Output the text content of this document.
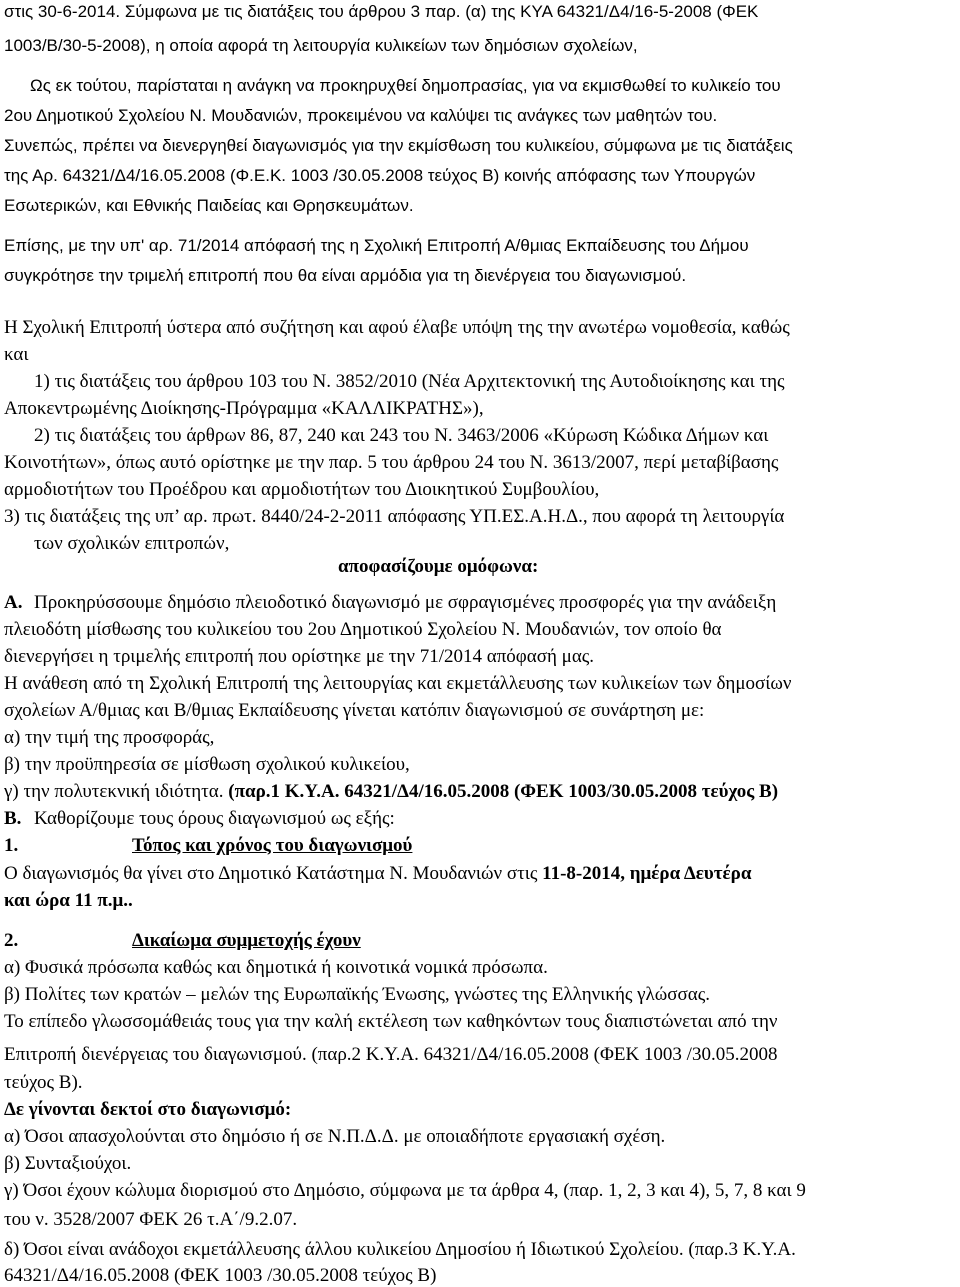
στις 30-6-2014. Σύμφωνα με τις διατάξεις του άρθρου 3 παρ. (α) της ΚΥΑ 64321/Δ4/16-5-2008 (ΦΕΚ
1003/Β/30-5-2008), η οποία αφορά τη λειτουργία κυλικείων των δημόσιων σχολείων,
Ως εκ τούτου, παρίσταται η ανάγκη να προκηρυχθεί δημοπρασίας, για να εκμισθωθεί το κυλικείο του
2ου Δημοτικού Σχολείου Ν. Μουδανιών, προκειμένου να καλύψει τις ανάγκες των μαθητών του.
Συνεπώς, πρέπει να διενεργηθεί διαγωνισμός για την εκμίσθωση του κυλικείου, σύμφωνα με τις διατάξεις
της Αρ. 64321/Δ4/16.05.2008 (Φ.Ε.Κ. 1003 /30.05.2008 τεύχος Β) κοινής απόφασης των Υπουργών
Εσωτερικών, και Εθνικής Παιδείας και Θρησκευμάτων.
Επίσης, με την υπ' αρ. 71/2014 απόφασή της η Σχολική Επιτροπή Α/θμιας Εκπαίδευσης του Δήμου
συγκρότησε την τριμελή επιτροπή που θα είναι αρμόδια για τη διενέργεια του διαγωνισμού.
Η Σχολική Επιτροπή ύστερα από συζήτηση και αφού έλαβε υπόψη της την ανωτέρω νομοθεσία, καθώς
και
1) τις διατάξεις του άρθρου 103 του Ν. 3852/2010 (Νέα Αρχιτεκτονική της Αυτοδιοίκησης και της
Αποκεντρωμένης Διοίκησης-Πρόγραμμα «ΚΑΛΛΙΚΡΑΤΗΣ»),
2) τις διατάξεις του άρθρων 86, 87, 240 και 243 του Ν. 3463/2006 «Κύρωση Κώδικα Δήμων και
Κοινοτήτων», όπως αυτό ορίστηκε με την παρ. 5 του άρθρου 24 του Ν. 3613/2007, περί μεταβίβασης
αρμοδιοτήτων του Προέδρου και αρμοδιοτήτων του Διοικητικού Συμβουλίου,
3) τις διατάξεις της υπ’ αρ. πρωτ. 8440/24-2-2011 απόφασης ΥΠ.ΕΣ.Α.Η.Δ., που αφορά τη λειτουργία
των σχολικών επιτροπών,
αποφασίζουμε ομόφωνα:
Α. Προκηρύσσουμε δημόσιο πλειοδοτικό διαγωνισμό με σφραγισμένες προσφορές για την ανάδειξη
πλειοδότη μίσθωσης του κυλικείου του 2ου Δημοτικού Σχολείου Ν. Μουδανιών, τον οποίο θα
διενεργήσει η τριμελής επιτροπή που ορίστηκε με την 71/2014 απόφασή μας.
Η ανάθεση από τη Σχολική Επιτροπή της λειτουργίας και εκμετάλλευσης των κυλικείων των δημοσίων
σχολείων Α/θμιας και Β/θμιας Εκπαίδευσης γίνεται κατόπιν διαγωνισμού σε συνάρτηση με:
α) την τιμή της προσφοράς,
β) την προϋπηρεσία σε μίσθωση σχολικού κυλικείου,
γ) την πολυτεκνική ιδιότητα. (παρ.1 Κ.Υ.Α. 64321/Δ4/16.05.2008 (ΦΕΚ 1003/30.05.2008 τεύχος Β)
Β. Καθορίζουμε τους όρους διαγωνισμού ως εξής:
1.	Τόπος και χρόνος του διαγωνισμού
Ο διαγωνισμός θα γίνει στο Δημοτικό Κατάστημα Ν. Μουδανιών στις 11-8-2014, ημέρα Δευτέρα
και ώρα 11 π.μ..
2.	Δικαίωμα συμμετοχής έχουν
α) Φυσικά πρόσωπα καθώς και δημοτικά ή κοινοτικά νομικά πρόσωπα.
β) Πολίτες των κρατών – μελών της Ευρωπαϊκής Ένωσης, γνώστες της Ελληνικής γλώσσας.
Το επίπεδο γλωσσομάθειάς τους για την καλή εκτέλεση των καθηκόντων τους διαπιστώνεται από την
Επιτροπή διενέργειας του διαγωνισμού. (παρ.2 Κ.Υ.Α. 64321/Δ4/16.05.2008 (ΦΕΚ 1003 /30.05.2008
τεύχος Β).
Δε γίνονται δεκτοί στο διαγωνισμό:
α) Όσοι απασχολούνται στο δημόσιο ή σε Ν.Π.Δ.Δ. με οποιαδήποτε εργασιακή σχέση.
β) Συνταξιούχοι.
γ) Όσοι έχουν κώλυμα διορισμού στο Δημόσιο, σύμφωνα με τα άρθρα 4, (παρ. 1, 2, 3 και 4), 5, 7, 8 και 9
του ν. 3528/2007 ΦΕΚ 26 τ.Α΄/9.2.07.
δ) Όσοι είναι ανάδοχοι εκμετάλλευσης άλλου κυλικείου Δημοσίου ή Ιδιωτικού Σχολείου. (παρ.3 Κ.Υ.Α.
64321/Δ4/16.05.2008 (ΦΕΚ 1003 /30.05.2008 τεύχος Β)
